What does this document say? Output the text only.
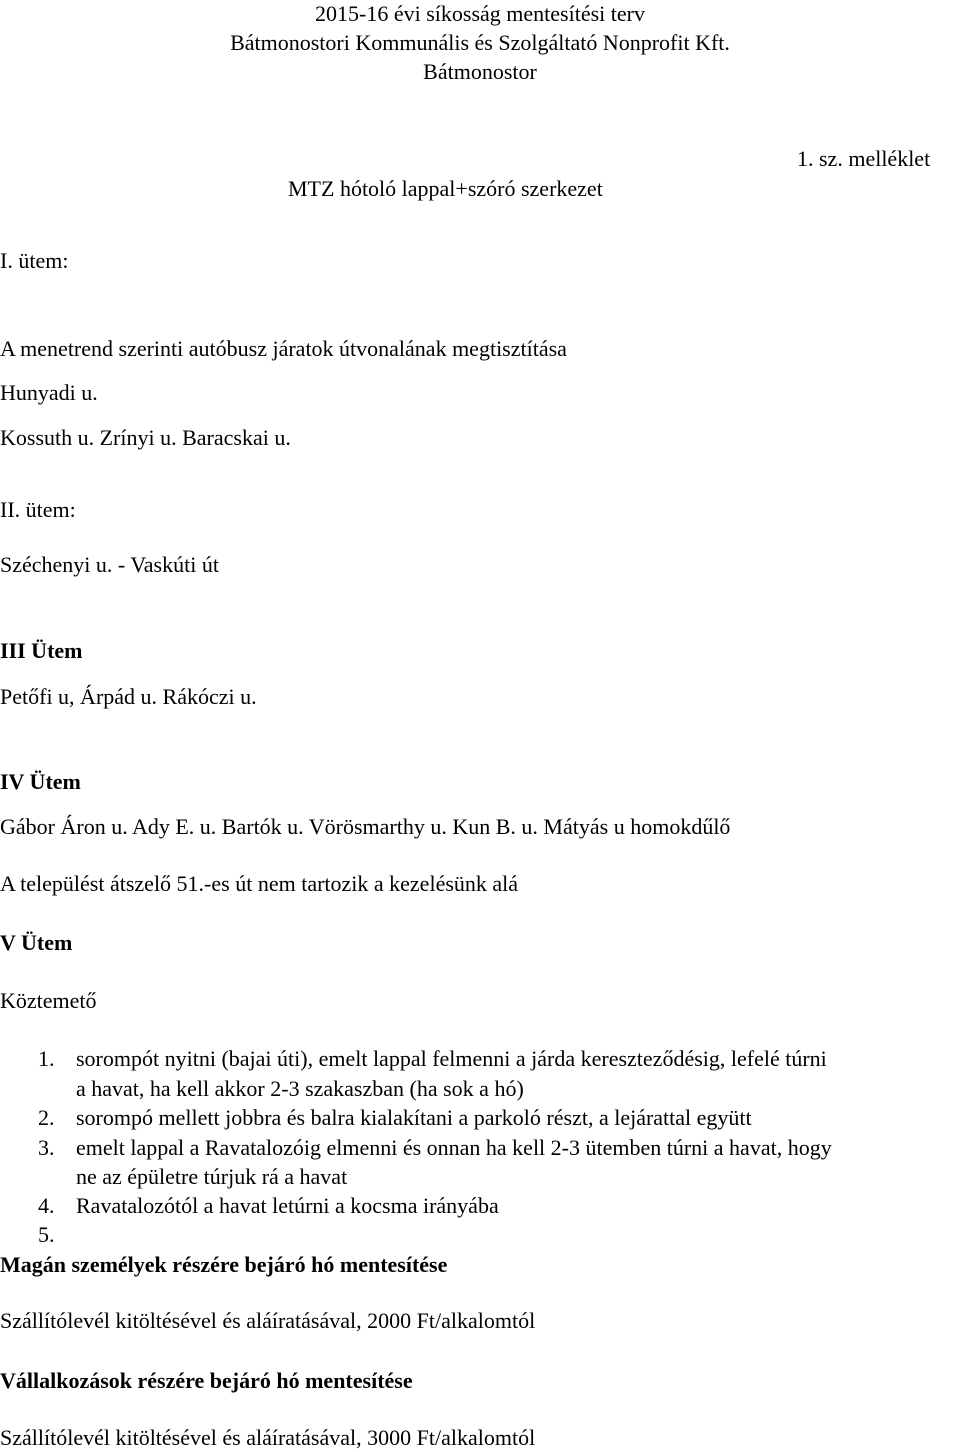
2015-16 évi síkosság mentesítési terv
Bátmonostori Kommunális és Szolgáltató Nonprofit Kft.
Bátmonostor
1. sz. melléklet
MTZ hótoló lappal+szóró szerkezet
I. ütem:
A menetrend szerinti autóbusz járatok útvonalának megtisztítása
Hunyadi u.
Kossuth u. Zrínyi u. Baracskai u.
II. ütem:
Széchenyi u. - Vaskúti út
III Ütem
Petőfi u, Árpád u. Rákóczi u.
IV Ütem
Gábor Áron u. Ady E. u. Bartók u. Vörösmarthy u. Kun B. u. Mátyás u homokdűlő
A települést átszelő 51.-es út nem tartozik a kezelésünk alá
V Ütem
Köztemető
1. sorompót nyitni (bajai úti), emelt lappal felmenni a járda kereszteződésig, lefelé túrni
a havat, ha kell akkor 2-3 szakaszban (ha sok a hó)
2. sorompó mellett jobbra és balra kialakítani a parkoló részt, a lejárattal együtt
3. emelt lappal a Ravatalozóig elmenni és onnan ha kell 2-3 ütemben túrni a havat, hogy
ne az épületre túrjuk rá a havat
4. Ravatalozótól a havat letúrni a kocsma irányába
5.
Magán személyek részére bejáró hó mentesítése
Szállítólevél kitöltésével és aláíratásával, 2000 Ft/alkalomtól
Vállalkozások részére bejáró hó mentesítése
Szállítólevél kitöltésével és aláíratásával, 3000 Ft/alkalomtól
